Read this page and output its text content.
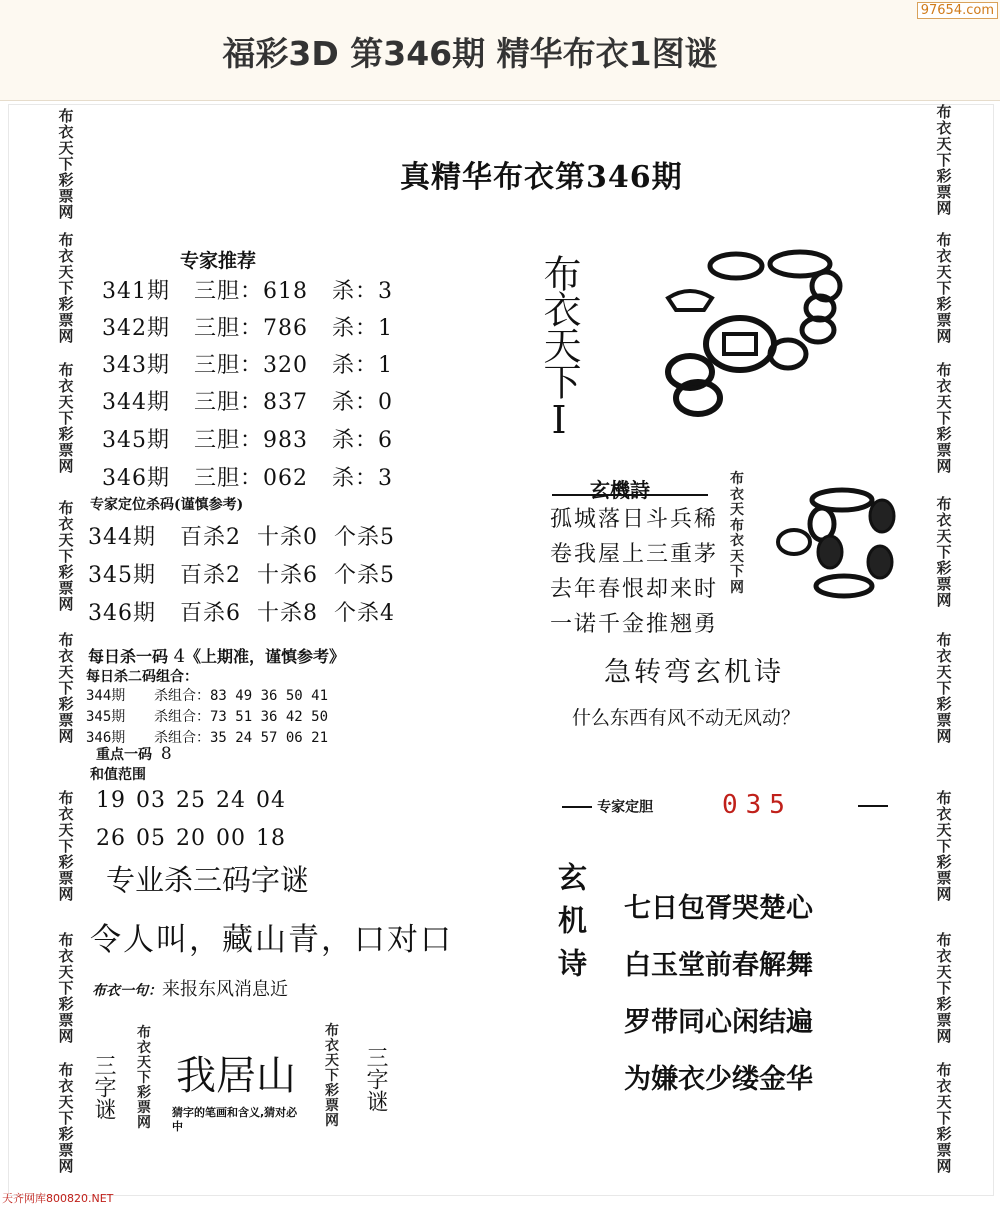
福彩3D 第346期 精华布衣1图谜
97654.com
布衣天下彩票网
布衣天下彩票网
布衣天下彩票网
布衣天下彩票网
布衣天下彩票网
布衣天下彩票网
布衣天下彩票网
布衣天下彩票网
布衣天下彩票网
布衣天下彩票网
布衣天下彩票网
布衣天下彩票网
布衣天下彩票网
布衣天下彩票网
布衣天下彩票网
布衣天下彩票网
真精华布衣第346期
专家推荐
341期 三胆：618 杀：3
342期 三胆：786 杀：1
343期 三胆：320 杀：1
344期 三胆：837 杀：0
345期 三胆：983 杀：6
346期 三胆：062 杀：3
专家定位杀码(谨慎参考)
344期 百杀2 十杀0 个杀5
345期 百杀2 十杀6 个杀5
346期 百杀6 十杀8 个杀4
每日杀一码 4《上期准，谨慎参考》
每日杀二码组合：
344期 杀组合：83 49 36 50 41
345期 杀组合：73 51 36 42 50
346期 杀组合：35 24 57 06 21
重点一码 8
和值范围
19 03 25 24 04
26 05 20 00 18
专业杀三码字谜
令人叫，藏山青，口对口
布衣一句：来报东风消息近
三字谜
布衣天下彩票网
我居山
猜字的笔画和含义,猜对必中
布衣天下彩票网
三字谜
布衣天下I
玄機詩
孤城落日斗兵稀
卷我屋上三重茅
去年春恨却来时
一诺千金推翘勇
布衣天布衣天下网
急转弯玄机诗
什么东西有风不动无风动？
专家定胆	035
玄机诗 七日包胥哭楚心
白玉堂前春解舞
罗带同心闲结遍
为嫌衣少缕金华
天齐网库800820.NET
